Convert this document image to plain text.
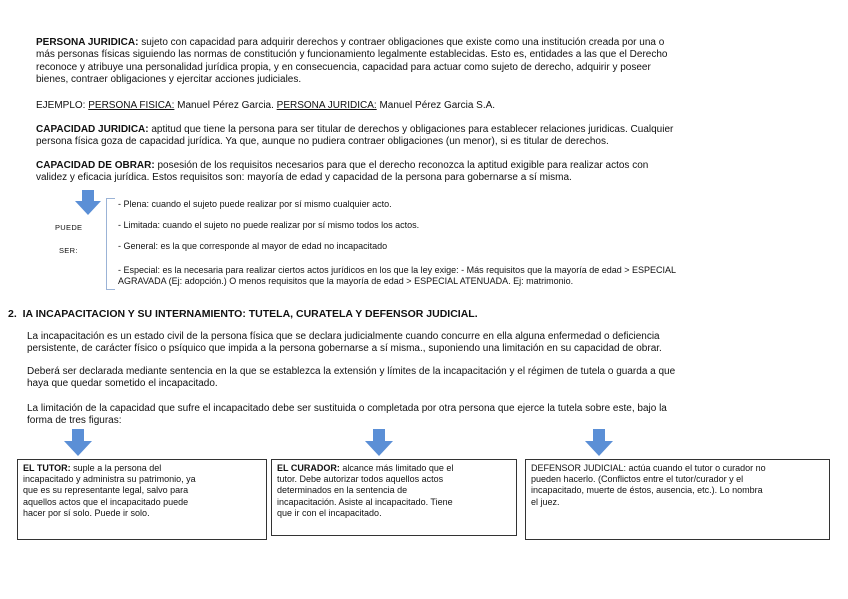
PERSONA JURIDICA: sujeto con capacidad para adquirir derechos y contraer obligaciones que existe como una institución creada por una o
más personas físicas siguiendo las normas de constitución y funcionamiento legalmente establecidas. Esto es, entidades a las que el Derecho
reconoce y atribuye una personalidad jurídica propia, y en consecuencia, capacidad para actuar como sujeto de derecho, adquirir y poseer
bienes, contraer obligaciones y ejercitar acciones judiciales.
EJEMPLO: PERSONA FISICA: Manuel Pérez Garcia. PERSONA JURIDICA: Manuel Pérez Garcia S.A.
CAPACIDAD JURIDICA: aptitud que tiene la persona para ser titular de derechos y obligaciones para establecer relaciones juridicas. Cualquier
persona física goza de capacidad jurídica. Ya que, aunque no pudiera contraer obligaciones (un menor), si es titular de derechos.
CAPACIDAD DE OBRAR: posesión de los requisitos necesarios para que el derecho reconozca la aptitud exigible para realizar actos con
validez y eficacia jurídica. Estos requisitos son: mayoría de edad y capacidad de la persona para gobernarse a sí misma.
PUEDE
SER:
- Plena: cuando el sujeto puede realizar por sí mismo cualquier acto.
- Limitada: cuando el sujeto no puede realizar por sí mismo todos los actos.
- General: es la que corresponde al mayor de edad no incapacitado
- Especial: es la necesaria para realizar ciertos actos jurídicos en los que la ley exige: - Más requisitos que la mayoría de edad > ESPECIAL
AGRAVADA (Ej: adopción.) O menos requisitos que la mayoría de edad > ESPECIAL ATENUADA. Ej: matrimonio.
2. IA INCAPACITACION Y SU INTERNAMIENTO: TUTELA, CURATELA Y DEFENSOR JUDICIAL.
La incapacitación es un estado civil de la persona física que se declara judicialmente cuando concurre en ella alguna enfermedad o deficiencia
persistente, de carácter físico o psíquico que impida a la persona gobernarse a sí misma., suponiendo una limitación en su capacidad de obrar.
Deberá ser declarada mediante sentencia en la que se establezca la extensión y límites de la incapacitación y el régimen de tutela o guarda a que
haya que quedar sometido el incapacitado.
La limitación de la capacidad que sufre el incapacitado debe ser sustituida o completada por otra persona que ejerce la tutela sobre este, bajo la
forma de tres figuras:
EL TUTOR: suple a la persona del
incapacitado y administra su patrimonio, ya
que es su representante legal, salvo para
aquellos actos que el incapacitado puede
hacer por sí solo. Puede ir solo.
EL CURADOR: alcance más limitado que el
tutor. Debe autorizar todos aquellos actos
determinados en la sentencia de
incapacitación. Asiste al incapacitado. Tiene
que ir con el incapacitado.
DEFENSOR JUDICIAL: actúa cuando el tutor o curador no
pueden hacerlo. (Conflictos entre el tutor/curador y el
incapacitado, muerte de éstos, ausencia, etc.). Lo nombra
el juez.
